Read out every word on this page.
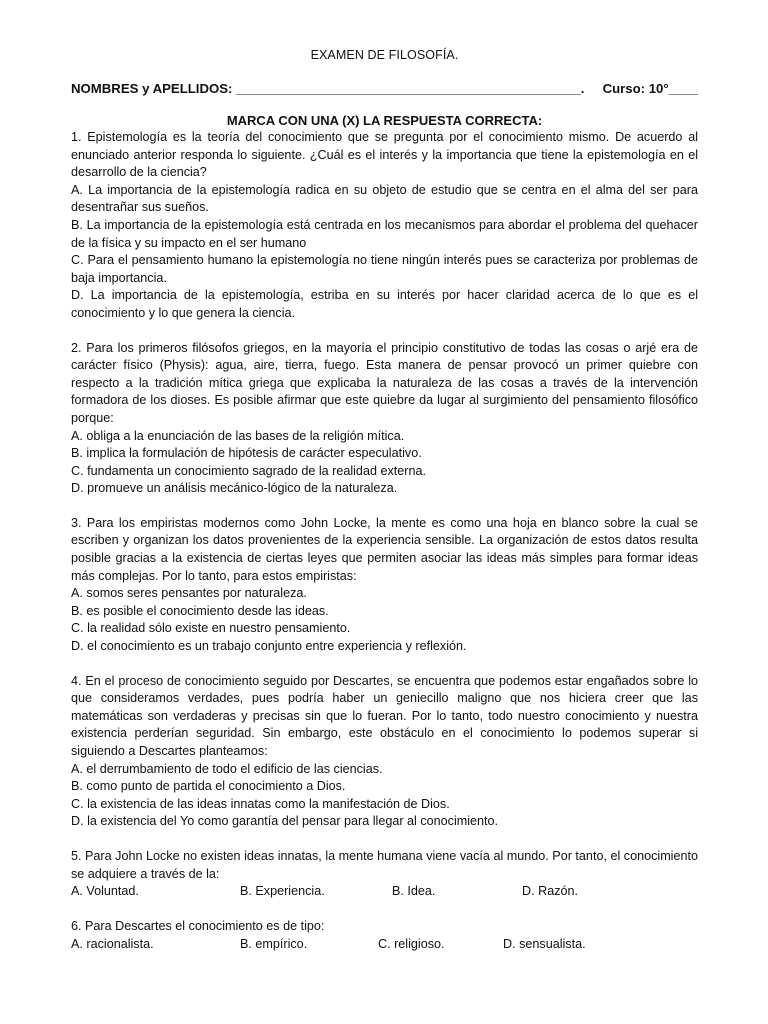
EXAMEN DE FILOSOFÍA.
NOMBRES y APELLIDOS: _______________________________________________. Curso: 10°____
MARCA CON UNA (X) LA RESPUESTA CORRECTA:

1. Epistemología es la teoría del conocimiento que se pregunta por el conocimiento mismo. De acuerdo al enunciado anterior responda lo siguiente. ¿Cuál es el interés y la importancia que tiene la epistemología en el desarrollo de la ciencia?

A. La importancia de la epistemología radica en su objeto de estudio que se centra en el alma del ser para desentrañar sus sueños.

B. La importancia de la epistemología está centrada en los mecanismos para abordar el problema del quehacer de la física y su impacto en el ser humano

C. Para el pensamiento humano la epistemología no tiene ningún interés pues se caracteriza por problemas de baja importancia.

D. La importancia de la epistemología, estriba en su interés por hacer claridad acerca de lo que es el conocimiento y lo que genera la ciencia.

2. Para los primeros filósofos griegos, en la mayoría el principio constitutivo de todas las cosas o arjé era de carácter físico (Physis): agua, aire, tierra, fuego. Esta manera de pensar provocó un primer quiebre con respecto a la tradición mítica griega que explicaba la naturaleza de las cosas a través de la intervención formadora de los dioses. Es posible afirmar que este quiebre da lugar al surgimiento del pensamiento filosófico porque:

A. obliga a la enunciación de las bases de la religión mítica.

B. implica la formulación de hipótesis de carácter especulativo.

C. fundamenta un conocimiento sagrado de la realidad externa.

D. promueve un análisis mecánico-lógico de la naturaleza.

3. Para los empiristas modernos como John Locke, la mente es como una hoja en blanco sobre la cual se escriben y organizan los datos provenientes de la experiencia sensible. La organización de estos datos resulta posible gracias a la existencia de ciertas leyes que permiten asociar las ideas más simples para formar ideas más complejas. Por lo tanto, para estos empiristas:

A. somos seres pensantes por naturaleza.

B. es posible el conocimiento desde las ideas.

C. la realidad sólo existe en nuestro pensamiento.

D. el conocimiento es un trabajo conjunto entre experiencia y reflexión.

4. En el proceso de conocimiento seguido por Descartes, se encuentra que podemos estar engañados sobre lo que consideramos verdades, pues podría haber un geniecillo maligno que nos hiciera creer que las matemáticas son verdaderas y precisas sin que lo fueran. Por lo tanto, todo nuestro conocimiento y nuestra existencia perderían seguridad. Sin embargo, este obstáculo en el conocimiento lo podemos superar si siguiendo a Descartes planteamos:

A. el derrumbamiento de todo el edificio de las ciencias.

B. como punto de partida el conocimiento a Dios.

C. la existencia de las ideas innatas como la manifestación de Dios.

D. la existencia del Yo como garantía del pensar para llegar al conocimiento.

5. Para John Locke no existen ideas innatas, la mente humana viene vacía al mundo. Por tanto, el conocimiento se adquiere a través de la:

A. Voluntad.	B. Experiencia.	B. Idea.	D. Razón.

6. Para Descartes el conocimiento es de tipo:

A. racionalista.	B. empírico.	C. religioso.	D. sensualista.
